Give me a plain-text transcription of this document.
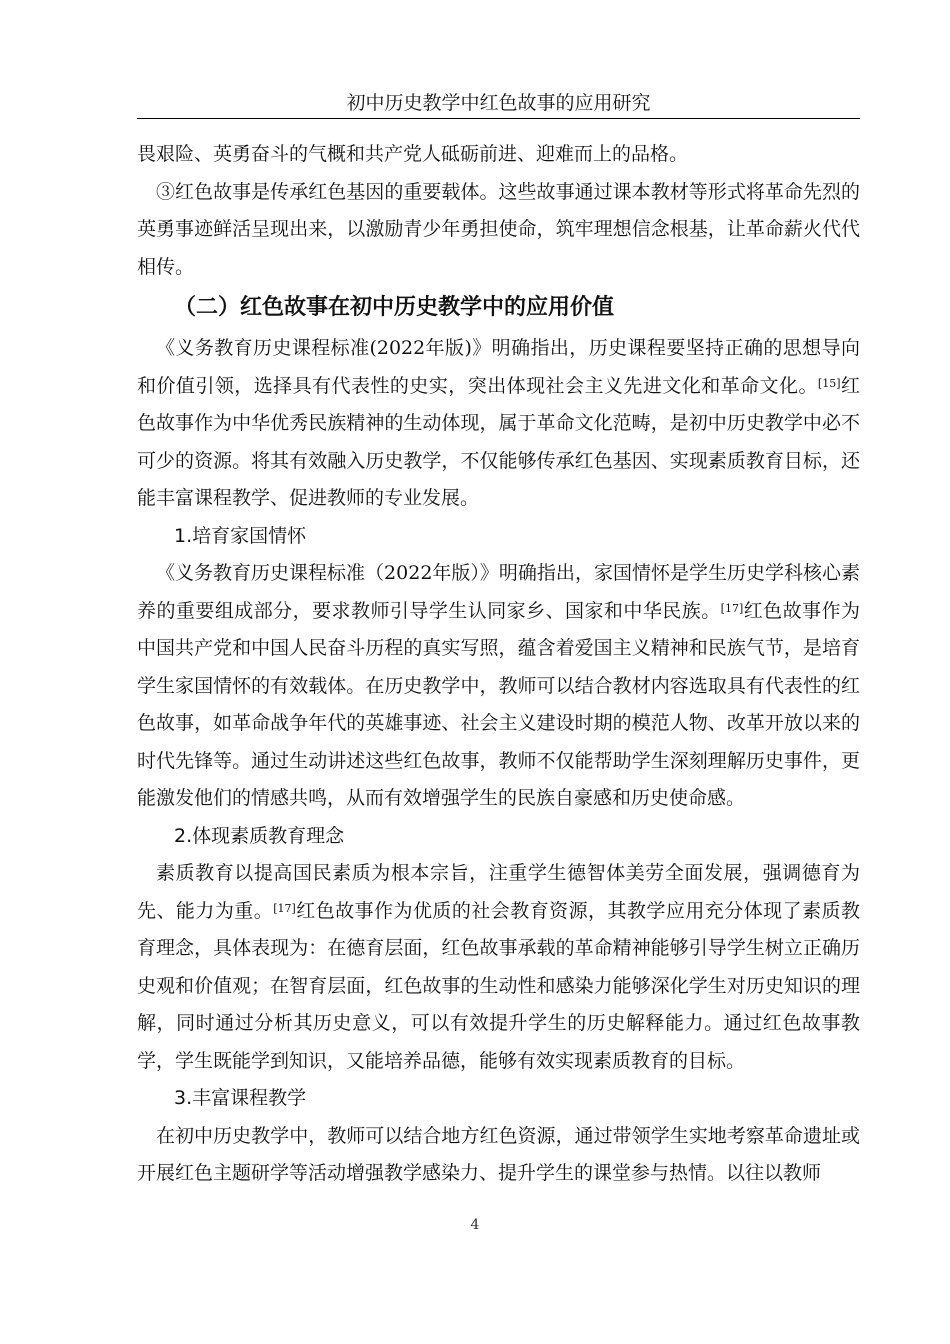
初中历史教学中红色故事的应用研究

畏艰险、英勇奋斗的气概和共产党人砥砺前进、迎难而上的品格。

③红色故事是传承红色基因的重要载体。这些故事通过课本教材等形式将革命先烈的英勇事迹鲜活呈现出来，以激励青少年勇担使命，筑牢理想信念根基，让革命薪火代代相传。

（二）红色故事在初中历史教学中的应用价值

《义务教育历史课程标准(2022年版)》明确指出，历史课程要坚持正确的思想导向和价值引领，选择具有代表性的史实，突出体现社会主义先进文化和革命文化。[15]红色故事作为中华优秀民族精神的生动体现，属于革命文化范畴，是初中历史教学中必不可少的资源。将其有效融入历史教学，不仅能够传承红色基因、实现素质教育目标，还能丰富课程教学、促进教师的专业发展。

1.培育家国情怀

《义务教育历史课程标准（2022年版）》明确指出，家国情怀是学生历史学科核心素养的重要组成部分，要求教师引导学生认同家乡、国家和中华民族。[17]红色故事作为中国共产党和中国人民奋斗历程的真实写照，蕴含着爱国主义精神和民族气节，是培育学生家国情怀的有效载体。在历史教学中，教师可以结合教材内容选取具有代表性的红色故事，如革命战争年代的英雄事迹、社会主义建设时期的模范人物、改革开放以来的时代先锋等。通过生动讲述这些红色故事，教师不仅能帮助学生深刻理解历史事件，更能激发他们的情感共鸣，从而有效增强学生的民族自豪感和历史使命感。

2.体现素质教育理念

素质教育以提高国民素质为根本宗旨，注重学生德智体美劳全面发展，强调德育为先、能力为重。[17]红色故事作为优质的社会教育资源，其教学应用充分体现了素质教育理念，具体表现为：在德育层面，红色故事承载的革命精神能够引导学生树立正确历史观和价值观；在智育层面，红色故事的生动性和感染力能够深化学生对历史知识的理解，同时通过分析其历史意义，可以有效提升学生的历史解释能力。通过红色故事教学，学生既能学到知识，又能培养品德，能够有效实现素质教育的目标。

3.丰富课程教学

在初中历史教学中，教师可以结合地方红色资源，通过带领学生实地考察革命遗址或开展红色主题研学等活动增强教学感染力、提升学生的课堂参与热情。以往以教师

4
